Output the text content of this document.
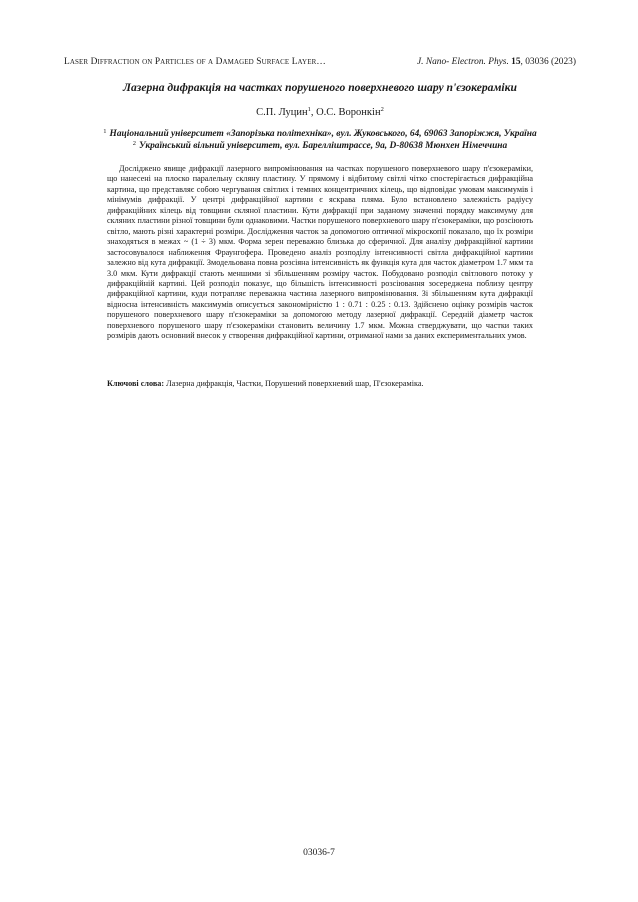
Laser Diffraction on Particles of a Damaged Surface Layer…	J. Nano- Electron. Phys. 15, 03036 (2023)
Лазерна дифракція на частках порушеного поверхневого шару п'єзокераміки
С.П. Луцин$^1$, О.С. Воронкін$^2$
$^1$ Національний університет «Запорізька політехніка», вул. Жуковського, 64, 69063 Запоріжжя, Україна
$^2$ Український вільний університет, вул. Барелліштрассе, 9а, D-80638 Мюнхен Німеччина

Досліджено явище дифракції лазерного випромінювання на частках порушеного поверхневого шару п'єзокераміки, що нанесені на плоско паралельну скляну пластину. У прямому і відбитому світлі чітко спостерігається дифракційна картина, що представляє собою чергування світлих і темних концентричних кілець, що відповідає умовам максимумів і мінімумів дифракції. У центрі дифракційної картини є яскрава пляма. Було встановлено залежність радіусу дифракційних кілець від товщини скляної пластини. Кути дифракції при заданому значенні порядку максимуму для скляних пластини різної товщини були однаковими. Частки порушеного поверхневого шару п'єзокераміки, що розсіюють світло, мають різні характерні розміри. Дослідження часток за допомогою оптичної мікроскопії показало, що їх розміри знаходяться в межах ~ (1 ÷ 3) мкм. Форма зерен переважно близька до сферичної. Для аналізу дифракційної картини застосовувалося наближення Фраунгофера. Проведено аналіз розподілу інтенсивності світла дифракційної картини залежно від кута дифракції. Змодельована повна розсіяна інтенсивність як функція кута для часток діаметром 1.7 мкм та 3.0 мкм. Кути дифракції стають меншими зі збільшенням розміру часток. Побудовано розподіл світлового потоку у дифракційній картині. Цей розподіл показує, що більшість інтенсивності розсіювання зосереджена поблизу центру дифракційної картини, куди потрапляє переважна частина лазерного випромінювання. Зі збільшенням кута дифракції відносна інтенсивність максимумів описується закономірністю 1 : 0.71 : 0.25 : 0.13. Здійснено оцінку розмірів часток порушеного поверхневого шару п'єзокераміки за допомогою методу лазерної дифракції. Середній діаметр часток поверхневого порушеного шару п'єзокераміки становить величину 1.7 мкм. Можна стверджувати, що частки таких розмірів дають основний внесок у створення дифракційної картини, отриманої нами за даних експериментальних умов.

Ключові слова: Лазерна дифракція, Частки, Порушений поверхневий шар, П'єзокераміка.
03036-7
